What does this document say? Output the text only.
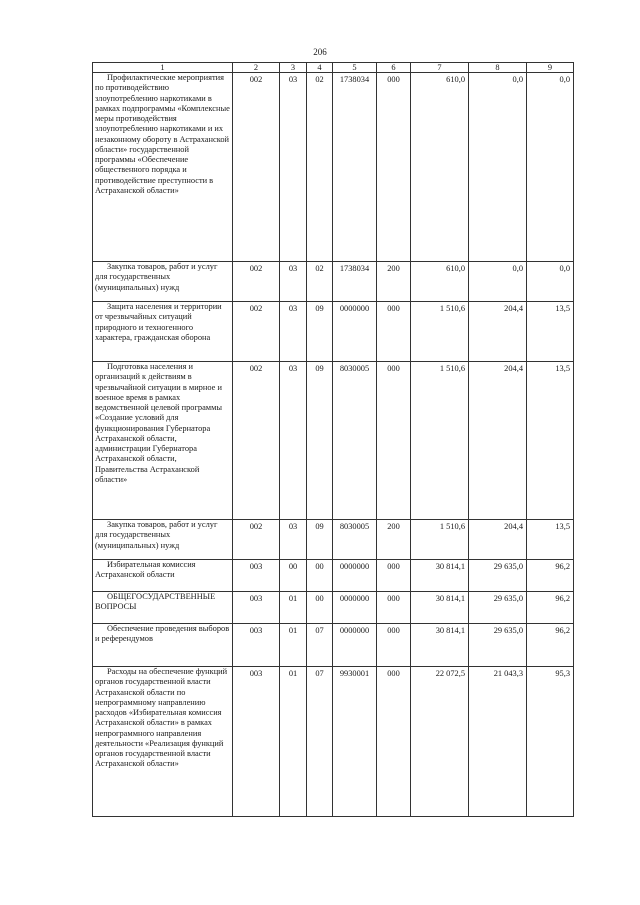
206
1	2	3	4	5	6	7	8	9
Профилактические мероприятия по противодействию злоупотреблению наркотиками в рамках подпрограммы «Комплексные меры противодействия злоупотреблению наркотиками и их незаконному обороту в Астраханской области» государственной программы «Обеспечение общественного порядка и противодействие преступности в Астраханской области»	002	03	02	1738034	000	610,0	0,0	0,0
Закупка товаров, работ и услуг для государственных (муниципальных) нужд	002	03	02	1738034	200	610,0	0,0	0,0
Защита населения и территории от чрезвычайных ситуаций природного и техногенного характера, гражданская оборона	002	03	09	0000000	000	1 510,6	204,4	13,5
Подготовка населения и организаций к действиям в чрезвычайной ситуации в мирное и военное время в рамках ведомственной целевой программы «Создание условий для функционирования Губернатора Астраханской области, администрации Губернатора Астраханской области, Правительства Астраханской области»	002	03	09	8030005	000	1 510,6	204,4	13,5
Закупка товаров, работ и услуг для государственных (муниципальных) нужд	002	03	09	8030005	200	1 510,6	204,4	13,5
Избирательная комиссия Астраханской области	003	00	00	0000000	000	30 814,1	29 635,0	96,2
ОБЩЕГОСУДАРСТВЕННЫЕ ВОПРОСЫ	003	01	00	0000000	000	30 814,1	29 635,0	96,2
Обеспечение проведения выборов и референдумов	003	01	07	0000000	000	30 814,1	29 635,0	96,2
Расходы на обеспечение функций органов государственной власти Астраханской области по непрограммному направлению расходов «Избирательная комиссия Астраханской области» в рамках непрограммного направления деятельности «Реализация функций органов государственной власти Астраханской области»	003	01	07	9930001	000	22 072,5	21 043,3	95,3
